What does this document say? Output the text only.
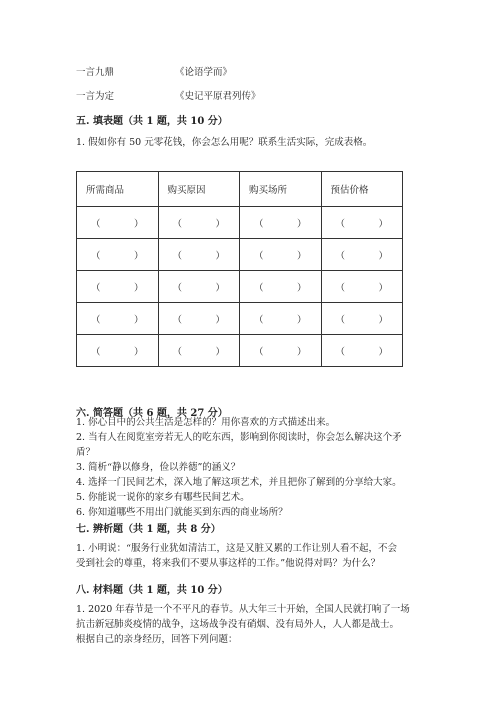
一言九鼎	《论语学而》
一言为定	《史记平原君列传》
五. 填表题（共 1 题，共 10 分）
1. 假如你有 50 元零花钱，你会怎么用呢？联系生活实际，完成表格。
所需商品	购买原因	购买场所	预估价格

（ ）	（ ）	（ ）	（ ）

（ ）	（ ）	（ ）	（ ）

（ ）	（ ）	（ ）	（ ）

（ ）	（ ）	（ ）	（ ）

（ ）	（ ）	（ ）	（ ）
六. 简答题（共 6 题，共 27 分）
1. 你心目中的公共生活是怎样的？用你喜欢的方式描述出来。
2. 当有人在阅览室旁若无人的吃东西，影响到你阅读时，你会怎么解决这个矛
盾？
3. 简析“静以修身，俭以养德”的涵义？
4. 选择一门民间艺术，深入地了解这项艺术，并且把你了解到的分享给大家。
5. 你能说一说你的家乡有哪些民间艺术。
6. 你知道哪些不用出门就能买到东西的商业场所？
七. 辨析题（共 1 题，共 8 分）
1. 小明说：“服务行业犹如清洁工，这是又脏又累的工作让别人看不起，不会
受到社会的尊重，将来我们不要从事这样的工作。”他说得对吗？为什么？
八. 材料题（共 1 题，共 10 分）
1. 2020 年春节是一个不平凡的春节。从大年三十开始，全国人民就打响了一场
抗击新冠肺炎疫情的战争，这场战争没有硝烟、没有局外人，人人都是战士。
根据自己的亲身经历，回答下列问题：
